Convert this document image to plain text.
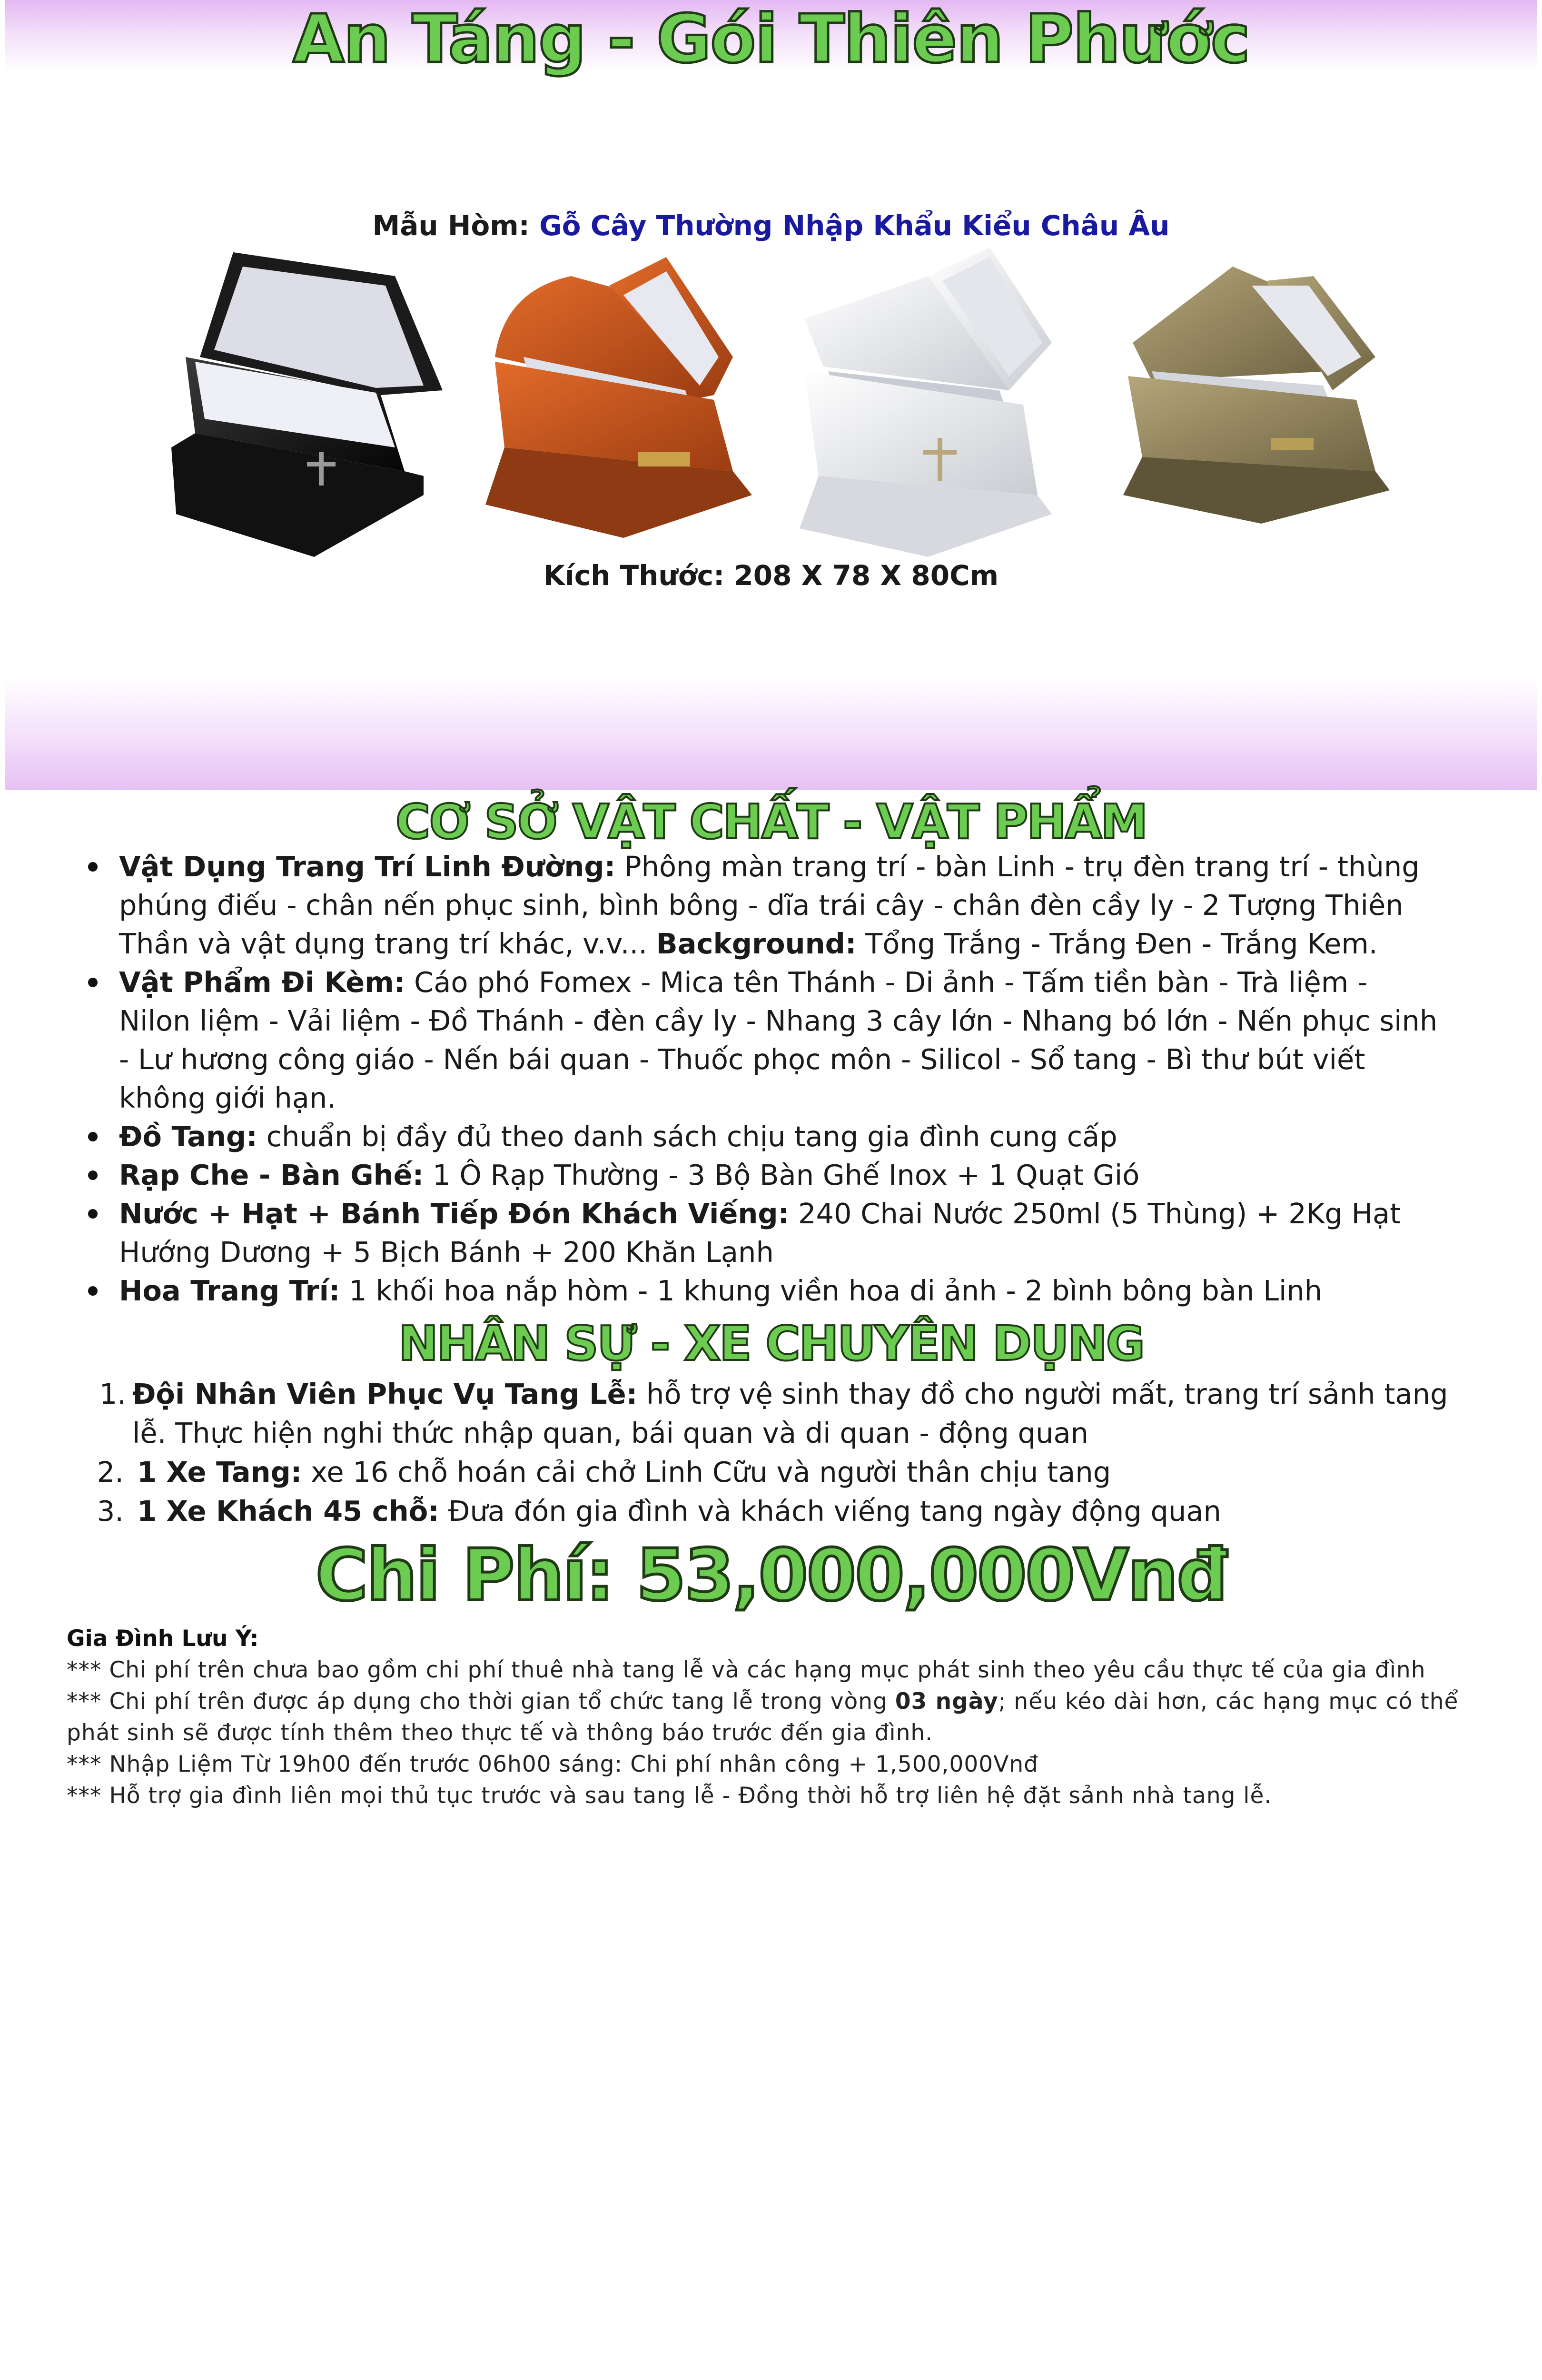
An Táng - Gói Thiên Phước
Mẫu Hòm: Gỗ Cây Thường Nhập Khẩu Kiểu Châu Âu
Kích Thước: 208 X 78 X 80Cm
CƠ SỞ VẬT CHẤT - VẬT PHẨM
Vật Dụng Trang Trí Linh Đường: Phông màn trang trí - bàn Linh - trụ đèn trang trí - thùng phúng điếu - chân nến phục sinh, bình bông - dĩa trái cây - chân đèn cầy ly - 2 Tượng Thiên Thần và vật dụng trang trí khác, v.v... Background: Tổng Trắng - Trắng Đen - Trắng Kem.
Vật Phẩm Đi Kèm: Cáo phó Fomex - Mica tên Thánh - Di ảnh - Tấm tiền bàn - Trà liệm - Nilon liệm - Vải liệm - Đồ Thánh - đèn cầy ly - Nhang 3 cây lớn - Nhang bó lớn - Nến phục sinh - Lư hương công giáo - Nến bái quan - Thuốc phọc môn - Silicol - Sổ tang - Bì thư bút viết không giới hạn.
Đồ Tang: chuẩn bị đầy đủ theo danh sách chịu tang gia đình cung cấp
Rạp Che - Bàn Ghế: 1 Ô Rạp Thường - 3 Bộ Bàn Ghế Inox + 1 Quạt Gió
Nước + Hạt + Bánh Tiếp Đón Khách Viếng: 240 Chai Nước 250ml (5 Thùng) + 2Kg Hạt Hướng Dương + 5 Bịch Bánh + 200 Khăn Lạnh
Hoa Trang Trí: 1 khối hoa nắp hòm - 1 khung viền hoa di ảnh - 2 bình bông bàn Linh
NHÂN SỰ - XE CHUYÊN DỤNG
1. Đội Nhân Viên Phục Vụ Tang Lễ: hỗ trợ vệ sinh thay đồ cho người mất, trang trí sảnh tang lễ. Thực hiện nghi thức nhập quan, bái quan và di quan - động quan
2. 1 Xe Tang: xe 16 chỗ hoán cải chở Linh Cữu và người thân chịu tang
3. 1 Xe Khách 45 chỗ: Đưa đón gia đình và khách viếng tang ngày động quan
Chi Phí: 53,000,000Vnđ
Gia Đình Lưu Ý:
*** Chi phí trên chưa bao gồm chi phí thuê nhà tang lễ và các hạng mục phát sinh theo yêu cầu thực tế của gia đình
*** Chi phí trên được áp dụng cho thời gian tổ chức tang lễ trong vòng 03 ngày; nếu kéo dài hơn, các hạng mục có thể phát sinh sẽ được tính thêm theo thực tế và thông báo trước đến gia đình.
*** Nhập Liệm Từ 19h00 đến trước 06h00 sáng: Chi phí nhân công + 1,500,000Vnđ
*** Hỗ trợ gia đình liên mọi thủ tục trước và sau tang lễ - Đồng thời hỗ trợ liên hệ đặt sảnh nhà tang lễ.
